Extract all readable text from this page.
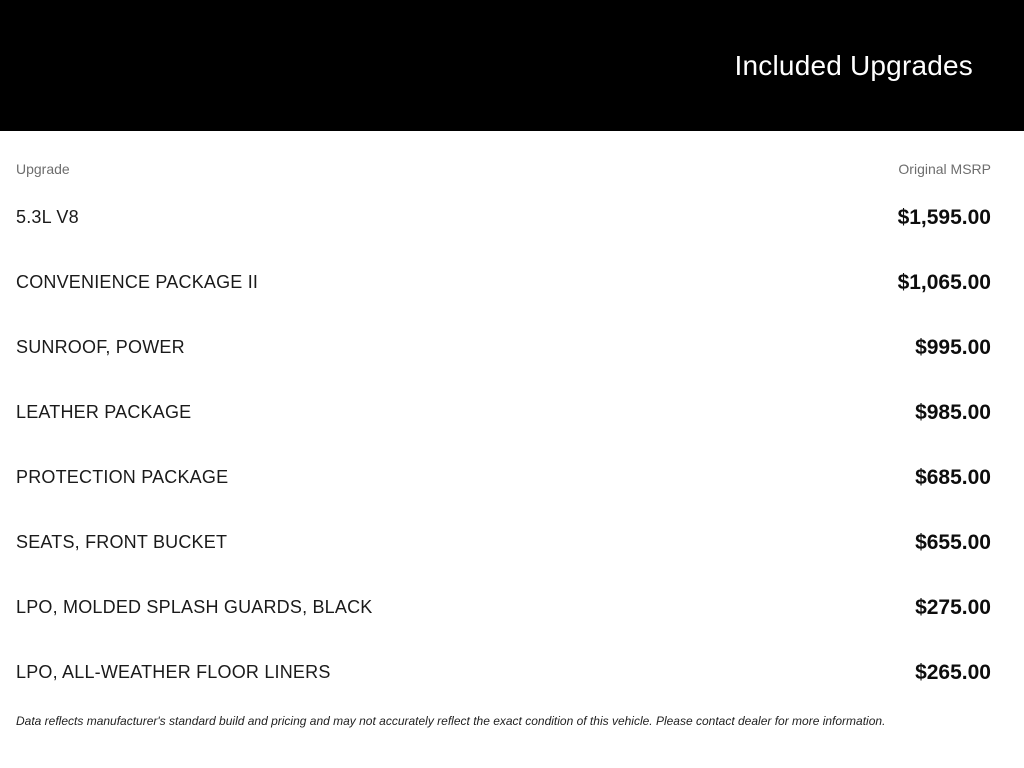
Included Upgrades
Upgrade	Original MSRP
5.3L V8	$1,595.00
CONVENIENCE PACKAGE II	$1,065.00
SUNROOF, POWER	$995.00
LEATHER PACKAGE	$985.00
PROTECTION PACKAGE	$685.00
SEATS, FRONT BUCKET	$655.00
LPO, MOLDED SPLASH GUARDS, BLACK	$275.00
LPO, ALL-WEATHER FLOOR LINERS	$265.00

Data reflects manufacturer's standard build and pricing and may not accurately reflect the exact condition of this vehicle. Please contact dealer for more information.
